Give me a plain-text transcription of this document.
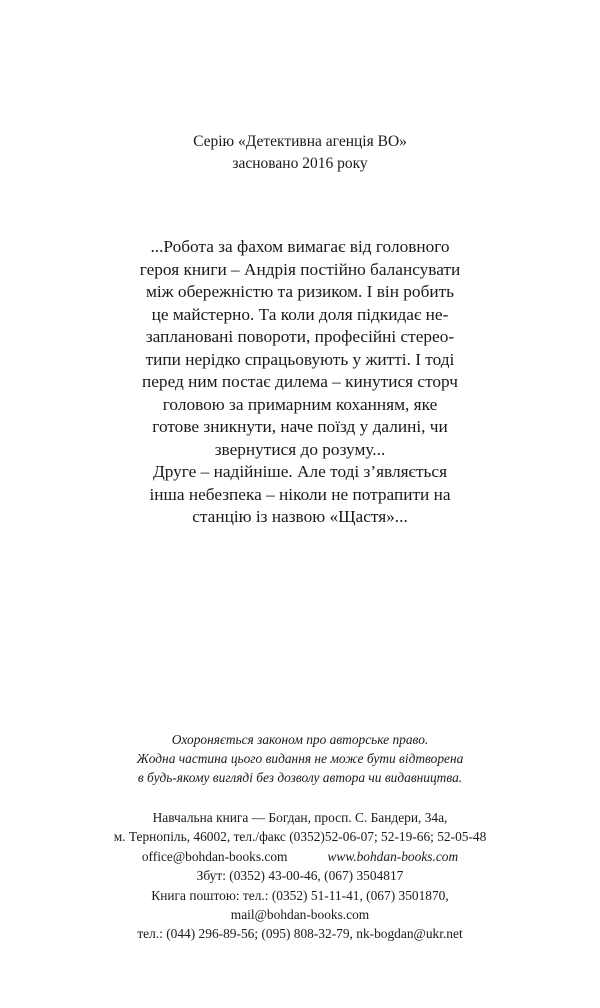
Серію «Детективна агенція ВО»
засновано 2016 року
...Робота за фахом вимагає від головного
героя книги – Андрія постійно балансувати
між обережністю та ризиком. І він робить
це майстерно. Та коли доля підкидає не-
заплановані повороти, професійні стерео-
типи нерідко спрацьовують у житті. І тоді
перед ним постає дилема – кинутися сторч
головою за примарним коханням, яке
готове зникнути, наче поїзд у далині, чи
звернутися до розуму...
Друге – надійніше. Але тоді з’являється
інша небезпека – ніколи не потрапити на
станцію із назвою «Щастя»...
Охороняється законом про авторське право.
Жодна частина цього видання не може бути відтворена
в будь-якому вигляді без дозволу автора чи видавництва.
Навчальна книга — Богдан, просп. С. Бандери, 34а,
м. Тернопіль, 46002, тел./факс (0352)52-06-07; 52-19-66; 52-05-48
office@bohdan-books.com	www.bohdan-books.com
Збут: (0352) 43-00-46, (067) 3504817
Книга поштою: тел.: (0352) 51-11-41, (067) 3501870,
mail@bohdan-books.com
тел.: (044) 296-89-56; (095) 808-32-79, nk-bogdan@ukr.net
